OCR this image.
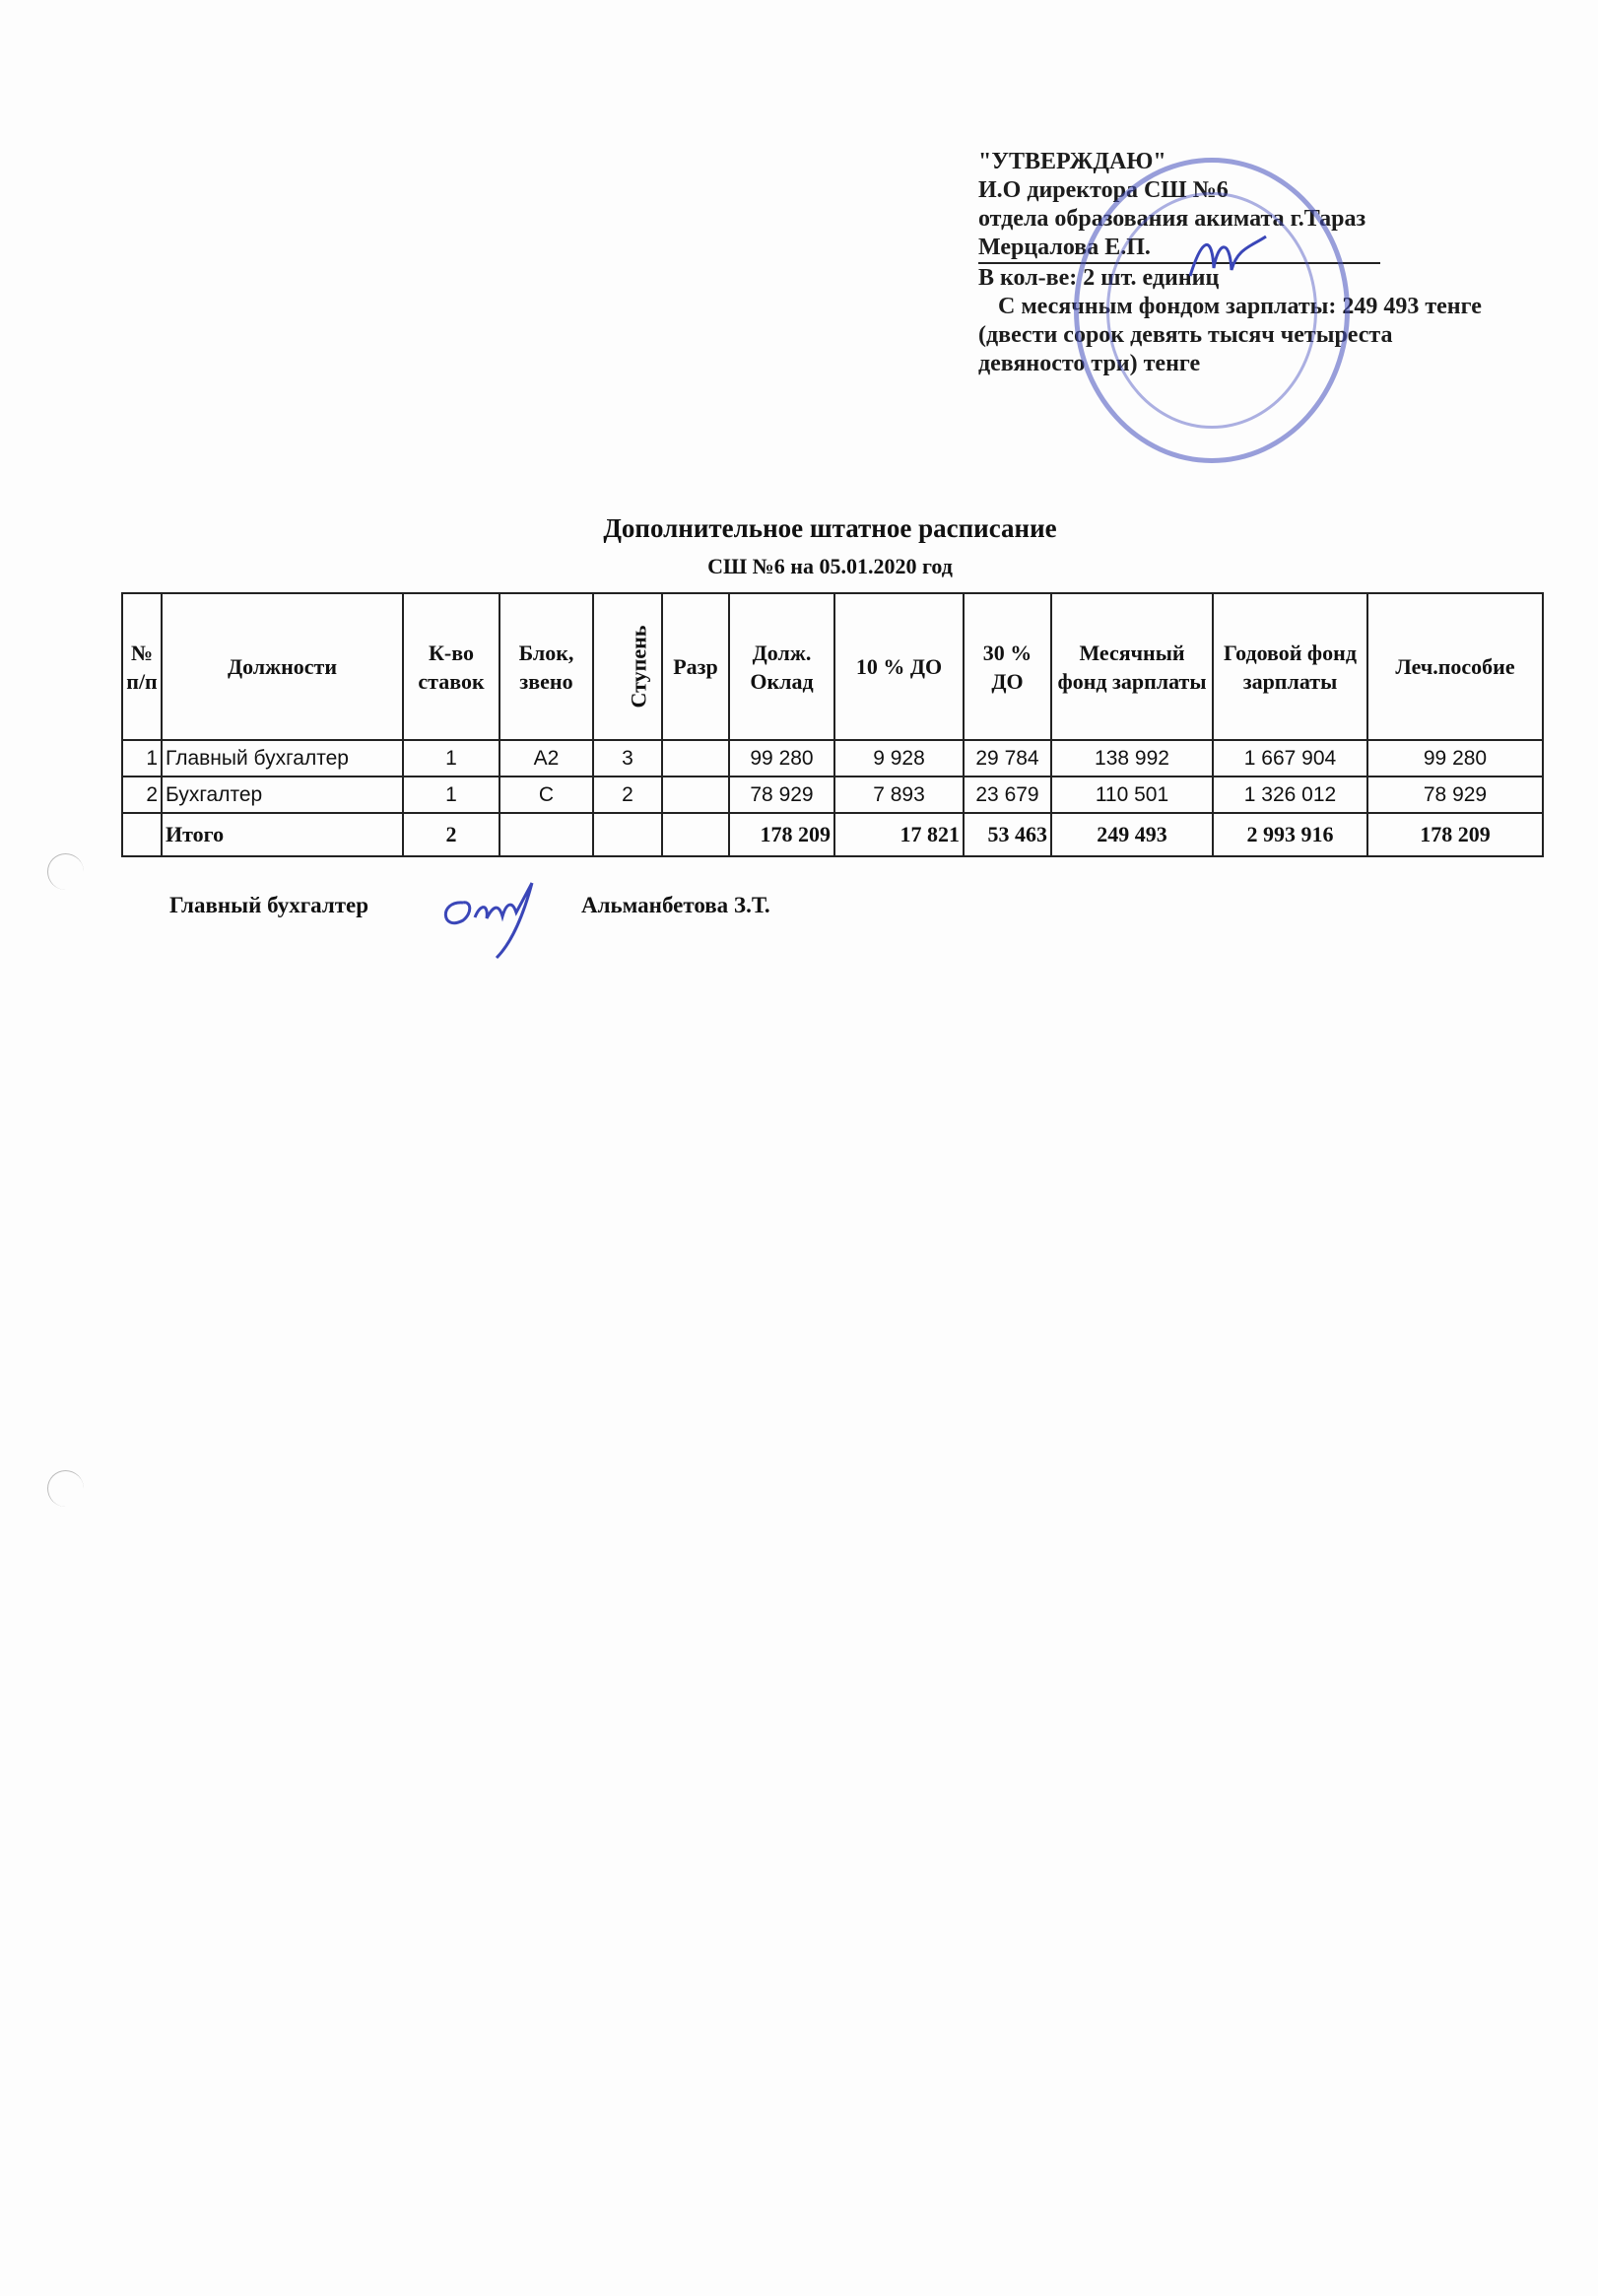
"УТВЕРЖДАЮ"
И.О директора СШ №6
отдела образования акимата г.Тараз
Мерцалова Е.П.
В кол-ве: 2 шт. единиц
С месячным фондом зарплаты: 249 493 тенге
(двести сорок девять тысяч четыреста
девяносто три) тенге
Дополнительное штатное расписание
СШ №6 на 05.01.2020 год
№ п/п	Должности	К-во ставок	Блок, звено	Ступень	Разр	Долж. Оклад	10 % ДО	30 % ДО	Месячный фонд зарплаты	Годовой фонд зарплаты	Леч.пособие
1	Главный бухгалтер	1	А2	3		99 280	9 928	29 784	138 992	1 667 904	99 280
2	Бухгалтер	1	С	2		78 929	7 893	23 679	110 501	1 326 012	78 929
	Итого	2				178 209	17 821	53 463	249 493	2 993 916	178 209
Главный бухгалтер	Альманбетова З.Т.
